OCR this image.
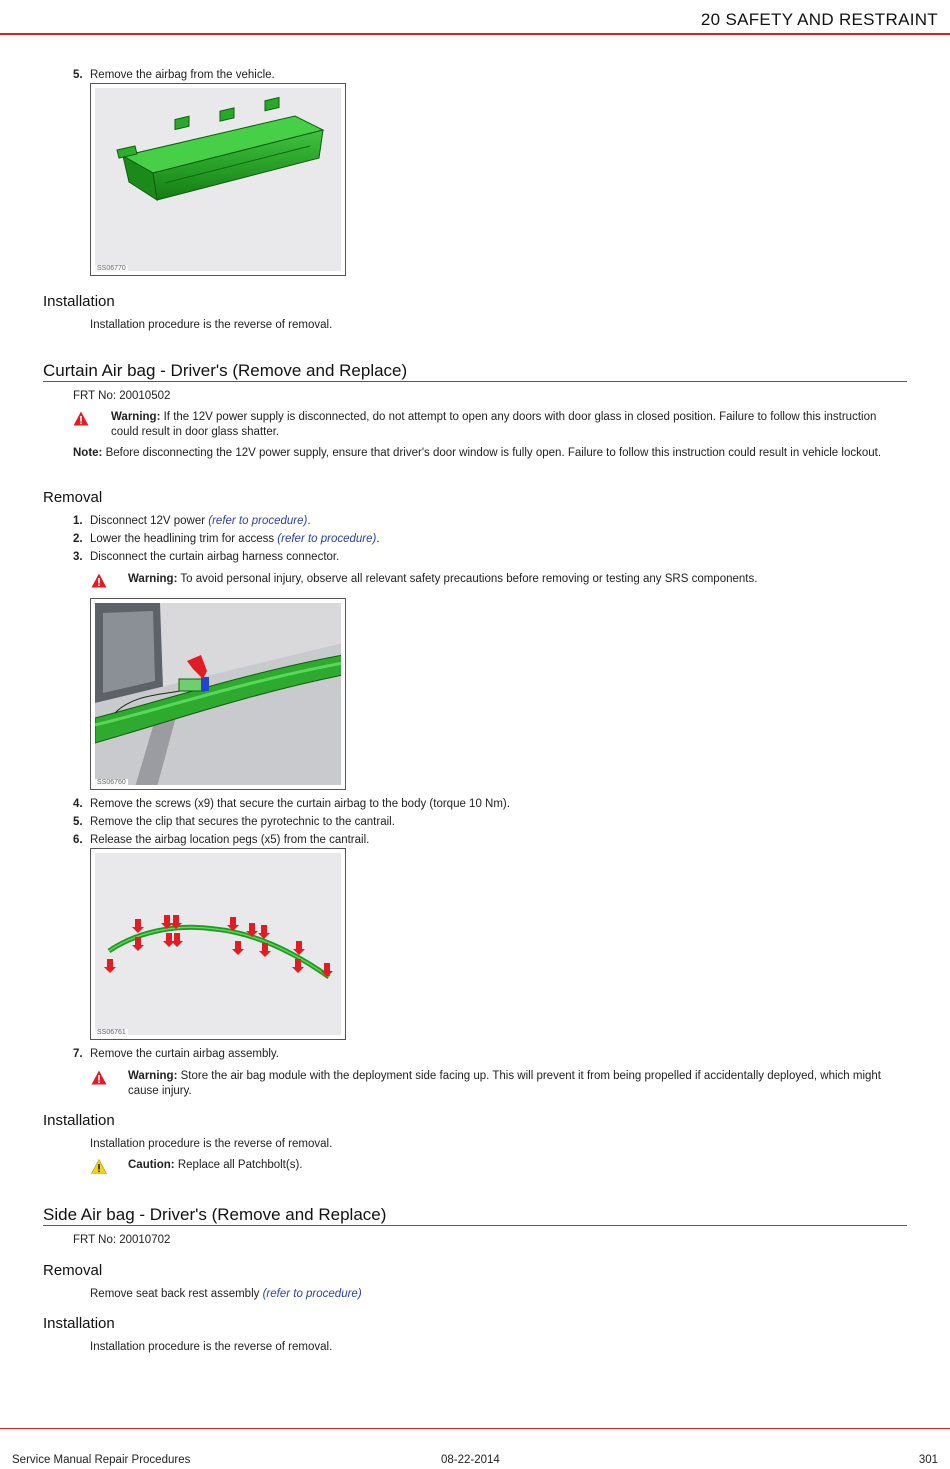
20 SAFETY AND RESTRAINT
5. Remove the airbag from the vehicle.
SS06770
Installation
Installation procedure is the reverse of removal.
Curtain Air bag - Driver's (Remove and Replace)
FRT No: 20010502
Warning: If the 12V power supply is disconnected, do not attempt to open any doors with door glass in closed position. Failure to follow this instruction could result in door glass shatter.
Note: Before disconnecting the 12V power supply, ensure that driver's door window is fully open. Failure to follow this instruction could result in vehicle lockout.
Removal
1. Disconnect 12V power (refer to procedure).
2. Lower the headlining trim for access (refer to procedure).
3. Disconnect the curtain airbag harness connector.
Warning: To avoid personal injury, observe all relevant safety precautions before removing or testing any SRS components.
SS06760
4. Remove the screws (x9) that secure the curtain airbag to the body (torque 10 Nm).
5. Remove the clip that secures the pyrotechnic to the cantrail.
6. Release the airbag location pegs (x5) from the cantrail.
SS06761
7. Remove the curtain airbag assembly.
Warning: Store the air bag module with the deployment side facing up. This will prevent it from being propelled if accidentally deployed, which might cause injury.
Installation
Installation procedure is the reverse of removal.
Caution: Replace all Patchbolt(s).
Side Air bag - Driver's (Remove and Replace)
FRT No: 20010702
Removal
Remove seat back rest assembly (refer to procedure)
Installation
Installation procedure is the reverse of removal.
Service Manual Repair Procedures	08-22-2014	301
